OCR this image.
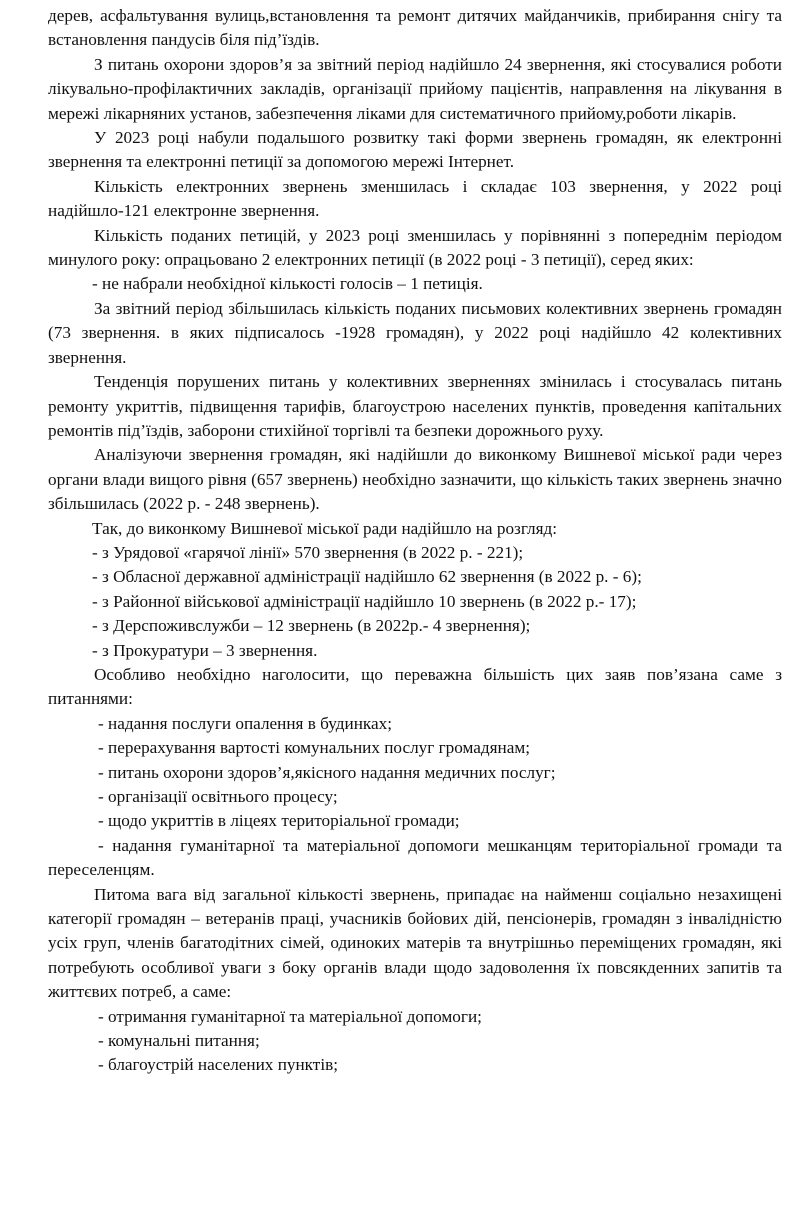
дерев, асфальтування вулиць,встановлення та ремонт дитячих майданчиків, прибирання снігу та встановлення пандусів біля під’їздів.

З питань охорони здоров’я за звітний період надійшло 24 звернення, які стосувалися роботи лікувально-профілактичних закладів, організації прийому пацієнтів, направлення на лікування в мережі лікарняних установ, забезпечення ліками для систематичного прийому,роботи лікарів.

У 2023 році набули подальшого розвитку такі форми звернень громадян, як електронні звернення та електронні петиції за допомогою мережі Інтернет.

Кількість електронних звернень зменшилась і складає 103 звернення, у 2022 році надійшло-121 електронне звернення.

Кількість поданих петицій, у 2023 році зменшилась у порівнянні з попереднім періодом минулого року: опрацьовано 2 електронних петиції (в 2022 році - 3 петиції), серед яких:

- не набрали необхідної кількості голосів – 1 петиція.

За звітний період збільшилась кількість поданих письмових колективних звернень громадян (73 звернення. в яких підписалось -1928 громадян), у 2022 році надійшло 42 колективних звернення.

Тенденція порушених питань у колективних зверненнях змінилась і стосувалась питань ремонту укриттів, підвищення тарифів, благоустрою населених пунктів, проведення капітальних ремонтів під’їздів, заборони стихійної торгівлі та безпеки дорожнього руху.

Аналізуючи звернення громадян, які надійшли до виконкому Вишневої міської ради через органи влади вищого рівня (657 звернень) необхідно зазначити, що кількість таких звернень значно збільшилась (2022 р. - 248 звернень).

Так, до виконкому Вишневої міської ради надійшло на розгляд:

- з Урядової «гарячої лінії» 570 звернення (в 2022 р. - 221);

- з Обласної державної адміністрації надійшло 62 звернення (в 2022 р. - 6);

- з Районної військової адміністрації надійшло 10 звернень (в 2022 р.- 17);

- з Дерспоживслужби – 12 звернень (в 2022р.- 4 звернення);

- з Прокуратури – 3 звернення.

Особливо необхідно наголосити, що переважна більшість цих заяв пов’язана саме з питаннями:

- надання послуги опалення в будинках;

- перерахування вартості комунальних послуг громадянам;

- питань охорони здоров’я,якісного надання медичних послуг;

- організації освітнього процесу;

- щодо укриттів в ліцеях територіальної громади;

- надання гуманітарної та матеріальної допомоги мешканцям територіальної громади та переселенцям.

Питома вага від загальної кількості звернень, припадає на найменш соціально незахищені категорії громадян – ветеранів праці, учасників бойових дій, пенсіонерів, громадян з інвалідністю усіх груп, членів багатодітних сімей, одиноких матерів та внутрішньо переміщених громадян, які потребують особливої уваги з боку органів влади щодо задоволення їх повсякденних запитів та життєвих потреб, а саме:

- отримання гуманітарної та матеріальної допомоги;

- комунальні питання;

- благоустрій населених пунктів;
